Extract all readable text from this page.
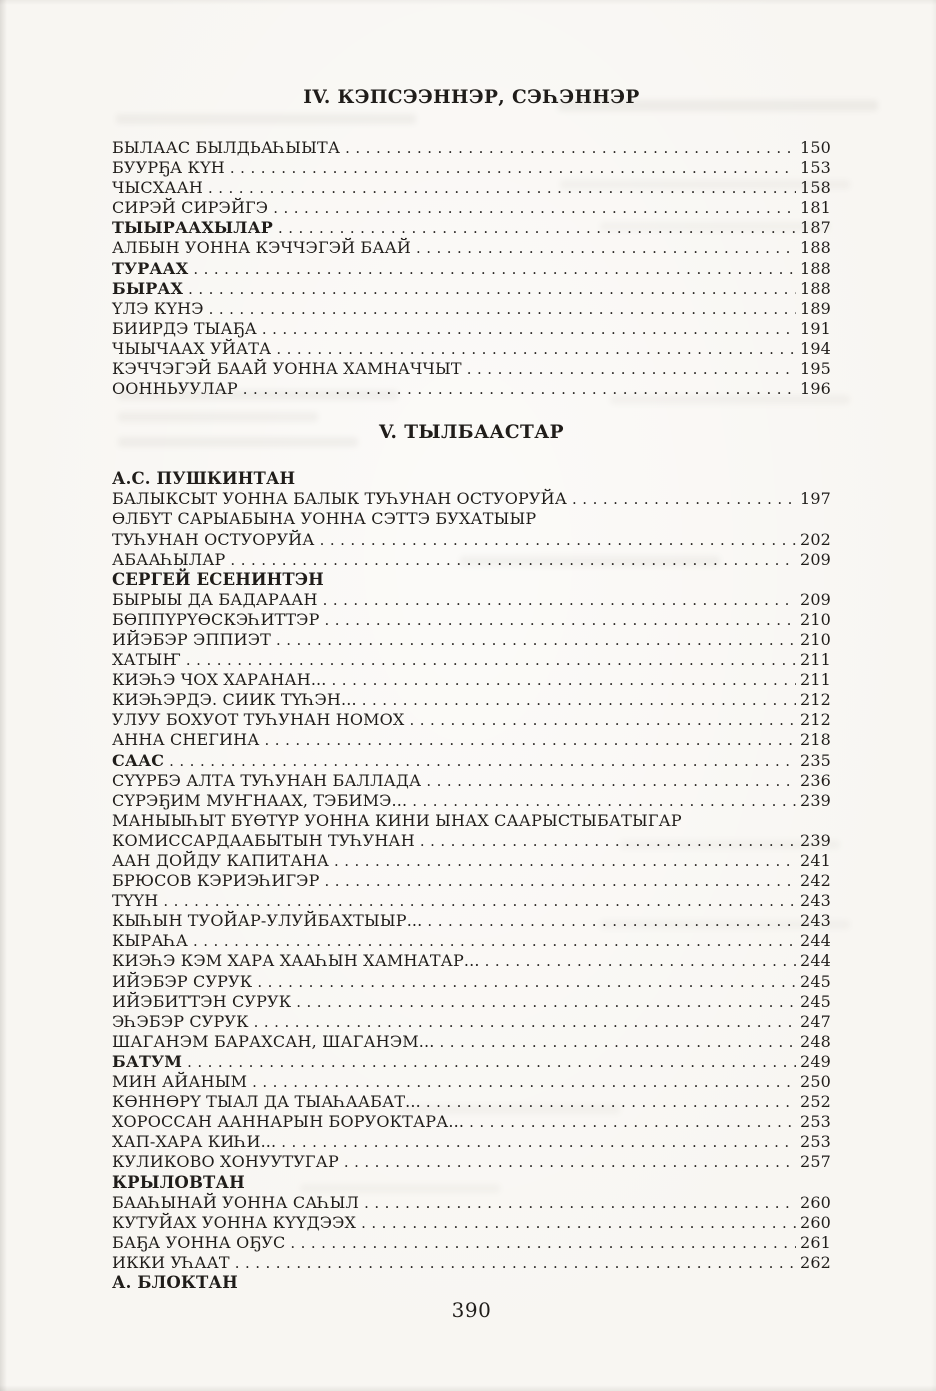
IV. КЭПСЭЭННЭР, СЭҺЭННЭР
БЫЛААС БЫЛДЬАҺЫЫТА .....	150
БУУРҔА КҮН .....	153
ЧЫСХААН .....	158
СИРЭЙ СИРЭЙГЭ .....	181
ТЫЫРААХЫЛАР .....	187
АЛБЫН УОННА КЭЧЧЭГЭЙ БААЙ .....	188
ТУРААХ .....	188
БЫРАХ .....	188
ҮЛЭ КҮНЭ .....	189
БИИРДЭ ТЫАҔА .....	191
ЧЫЫЧААХ УЙАТА .....	194
КЭЧЧЭГЭЙ БААЙ УОННА ХАМНАЧЧЫТ .....	195
ООННЬУУЛАР .....	196
V. ТЫЛБААСТАР
А.С. ПУШКИНТАН
БАЛЫКСЫТ УОННА БАЛЫК ТУҺУНАН ОСТУОРУЙА .....	197
ӨЛБҮТ САРЫАБЫНА УОННА СЭТТЭ БУХАТЫЫР
ТУҺУНАН ОСТУОРУЙА .....	202
АБААҺЫЛАР .....	209
СЕРГЕЙ ЕСЕНИНТЭН
БЫРЫЫ ДА БАДАРААН .....	209
БӨППҮРҮӨСКЭҺИТТЭР .....	210
ИЙЭБЭР ЭППИЭТ .....	210
ХАТЫҤ .....	211
КИЭҺЭ ЧОХ ХАРАНАН... .....	211
КИЭҺЭРДЭ. СИИК ТҮҺЭН... .....	212
УЛУУ БОХУОТ ТУҺУНАН НОМОХ .....	212
АННА СНЕГИНА .....	218
СААС .....	235
СҮҮРБЭ АЛТА ТУҺУНАН БАЛЛАДА .....	236
СҮРЭҔИМ МУҤНААХ, ТЭБИМЭ... .....	239
МАНЫЫҺЫТ БҮӨТҮР УОННА КИНИ ЫНАХ СААРЫСТЫБАТЫГАР
КОМИССАРДААБЫТЫН ТУҺУНАН .....	239
ААН ДОЙДУ КАПИТАНА .....	241
БРЮСОВ КЭРИЭҺИГЭР .....	242
ТҮҮН .....	243
КЫҺЫН ТУОЙАР-УЛУЙБАХТЫЫР... .....	243
КЫРАҺА .....	244
КИЭҺЭ КЭМ ХАРА ХААҺЫН ХАМНАТАР... .....	244
ИЙЭБЭР СУРУК .....	245
ИЙЭБИТТЭН СУРУК .....	245
ЭҺЭБЭР СУРУК .....	247
ШАГАНЭМ БАРАХСАН, ШАГАНЭМ... .....	248
БАТУМ .....	249
МИН АЙАНЫМ .....	250
КӨННӨРҮ ТЫАЛ ДА ТЫАҺААБАТ... .....	252
ХОРОССАН ААННАРЫН БОРУОКТАРА... .....	253
ХАП-ХАРА КИҺИ... .....	253
КУЛИКОВО ХОНУУТУГАР .....	257
КРЫЛОВТАН
БААҺЫНАЙ УОННА САҺЫЛ .....	260
КУТУЙАХ УОННА КҮҮДЭЭХ .....	260
БАҔА УОННА ОҔУС .....	261
ИККИ УҺААТ .....	262
А. БЛОКТАН
390
